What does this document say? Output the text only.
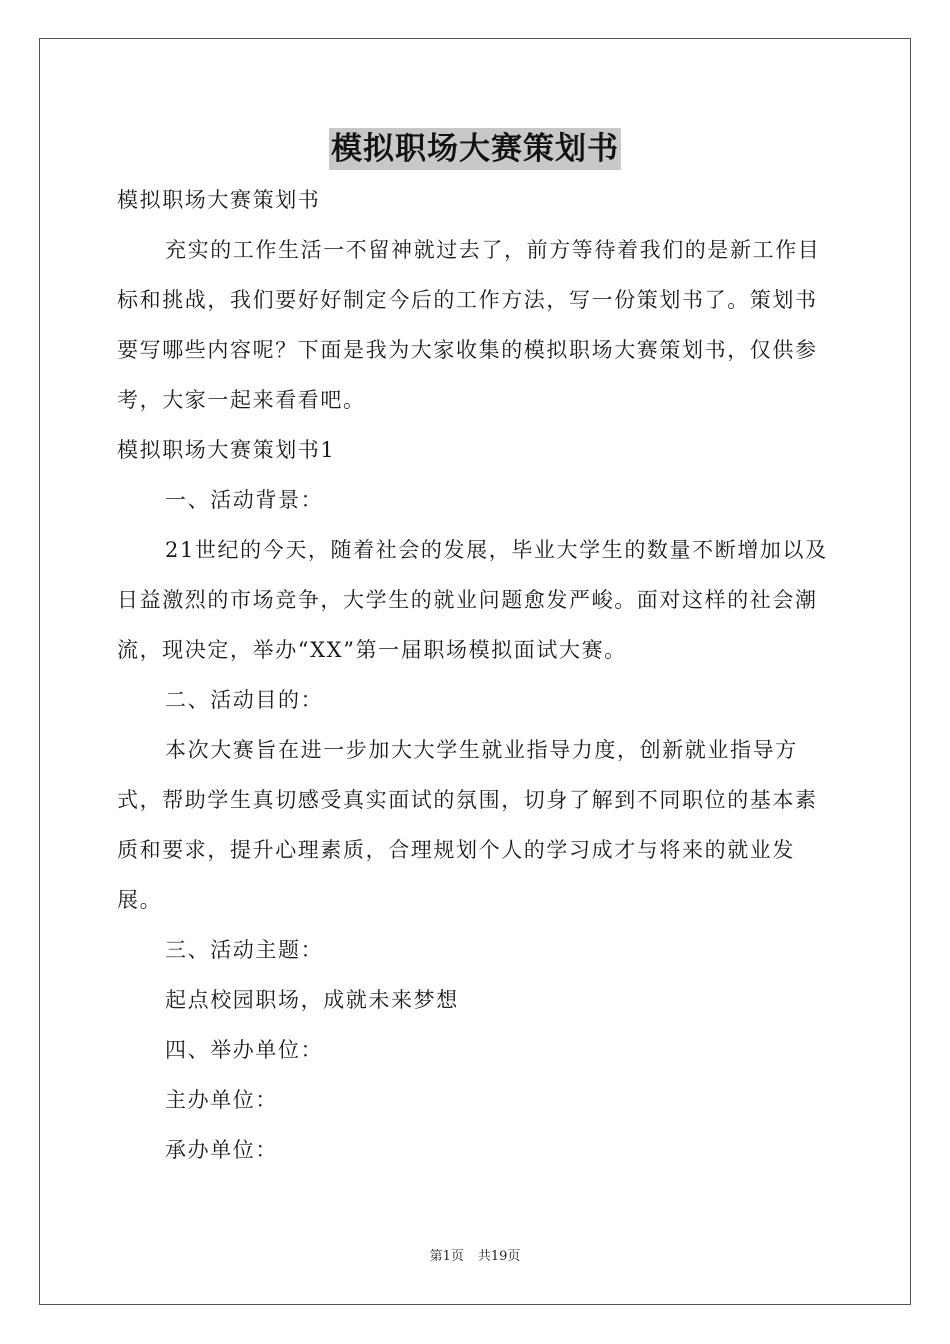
模拟职场大赛策划书

模拟职场大赛策划书

充实的工作生活一不留神就过去了，前方等待着我们的是新工作目标和挑战，我们要好好制定今后的工作方法，写一份策划书了。策划书要写哪些内容呢？下面是我为大家收集的模拟职场大赛策划书，仅供参考，大家一起来看看吧。

模拟职场大赛策划书1

一、活动背景：

21世纪的今天，随着社会的发展，毕业大学生的数量不断增加以及日益激烈的市场竞争，大学生的就业问题愈发严峻。面对这样的社会潮流，现决定，举办“XX”第一届职场模拟面试大赛。

二、活动目的：

本次大赛旨在进一步加大大学生就业指导力度，创新就业指导方式，帮助学生真切感受真实面试的氛围，切身了解到不同职位的基本素质和要求，提升心理素质，合理规划个人的学习成才与将来的就业发展。

三、活动主题：

起点校园职场，成就未来梦想

四、举办单位：

主办单位：

承办单位：

第1页 共19页
